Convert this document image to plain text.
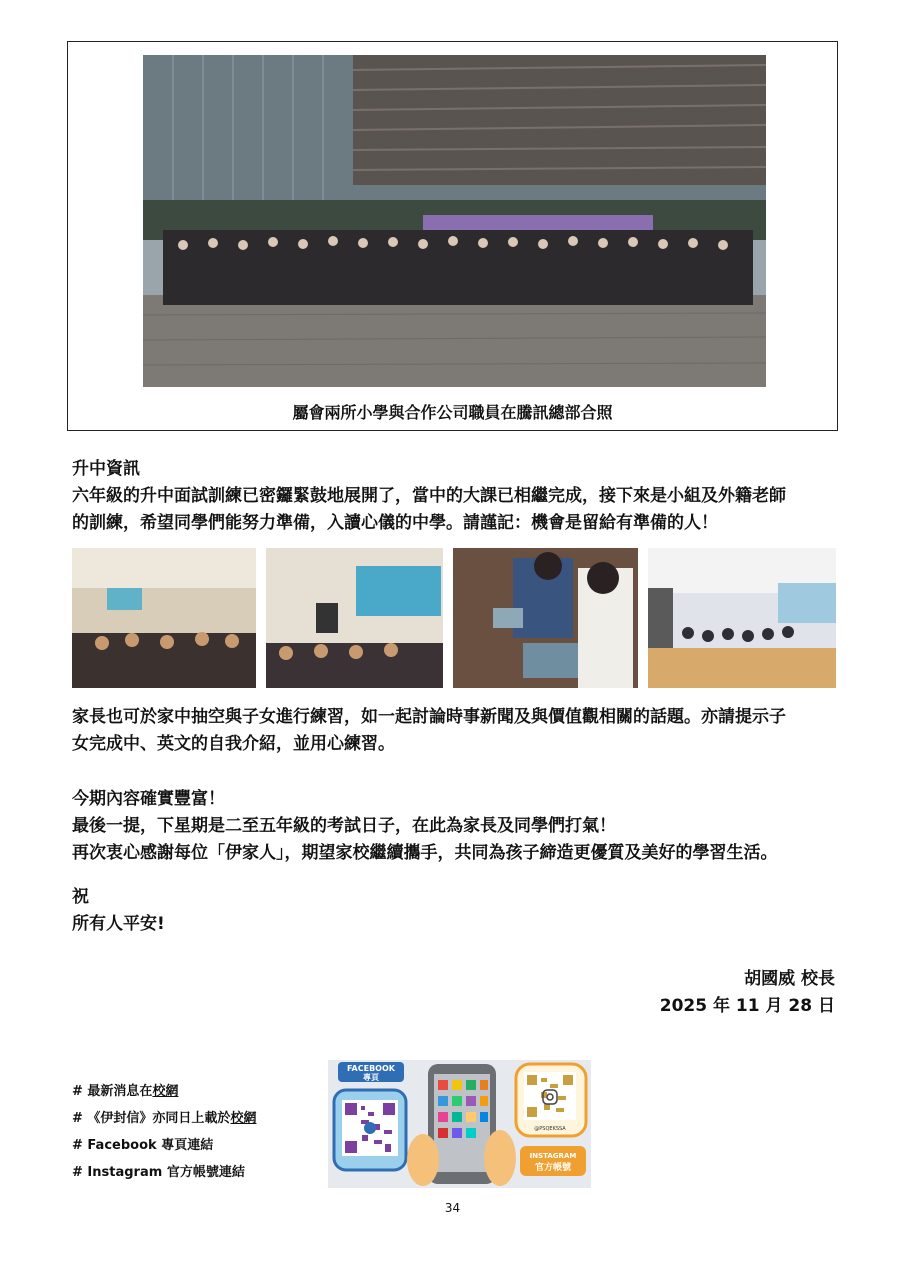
屬會兩所小學與合作公司職員在騰訊總部合照
升中資訊
六年級的升中面試訓練已密鑼緊鼓地展開了，當中的大課已相繼完成，接下來是小組及外籍老師
的訓練，希望同學們能努力準備，入讀心儀的中學。請謹記：機會是留給有準備的人！
家長也可於家中抽空與子女進行練習，如一起討論時事新聞及與價值觀相關的話題。亦請提示子
女完成中、英文的自我介紹，並用心練習。
今期內容確實豐富！
最後一提，下星期是二至五年級的考試日子，在此為家長及同學們打氣！
再次衷心感謝每位「伊家人」，期望家校繼續攜手，共同為孩子締造更優質及美好的學習生活。
祝
所有人平安!
胡國威 校長
2025 年 11 月 28 日
# 最新消息在校網
# 《伊封信》亦同日上載於校網
# Facebook 專頁連結
# Instagram 官方帳號連結
FACEBOOK
專頁
@PSQEKSSA
INSTAGRAM
官方帳號
34
